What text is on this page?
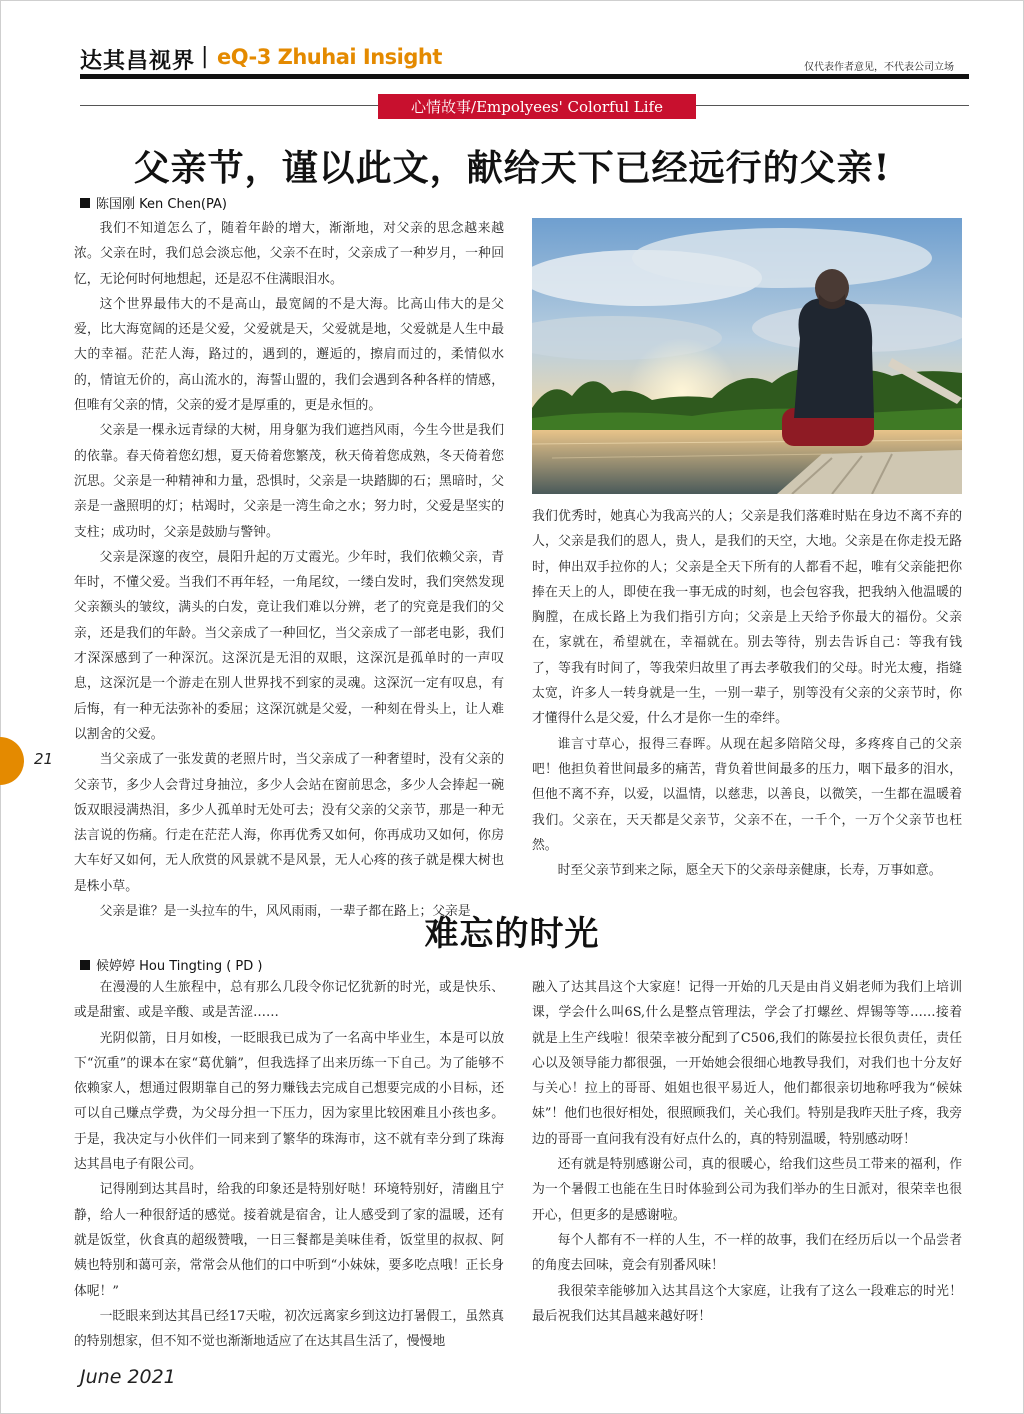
达其昌视界 | eQ-3 Zhuhai Insight	仅代表作者意见，不代表公司立场
心情故事/Empolyees' Colorful Life
父亲节，谨以此文，献给天下已经远行的父亲!
陈国刚 Ken Chen(PA)

我们不知道怎么了，随着年龄的增大，渐渐地，对父亲的思念越来越浓。父亲在时，我们总会淡忘他，父亲不在时，父亲成了一种岁月，一种回忆，无论何时何地想起，还是忍不住满眼泪水。

这个世界最伟大的不是高山，最宽阔的不是大海。比高山伟大的是父爱，比大海宽阔的还是父爱，父爱就是天，父爱就是地，父爱就是人生中最大的幸福。茫茫人海，路过的，遇到的，邂逅的，擦肩而过的，柔情似水的，情谊无价的，高山流水的，海誓山盟的，我们会遇到各种各样的情感，但唯有父亲的情，父亲的爱才是厚重的，更是永恒的。

父亲是一棵永远青绿的大树，用身躯为我们遮挡风雨，今生今世是我们的依靠。春天倚着您幻想，夏天倚着您繁茂，秋天倚着您成熟，冬天倚着您沉思。父亲是一种精神和力量，恐惧时，父亲是一块踏脚的石；黑暗时，父亲是一盏照明的灯；枯竭时，父亲是一湾生命之水；努力时，父爱是坚实的支柱；成功时，父亲是鼓励与警钟。

父亲是深邃的夜空，晨阳升起的万丈霞光。少年时，我们依赖父亲，青年时，不懂父爱。当我们不再年轻，一角尾纹，一缕白发时，我们突然发现父亲额头的皱纹，满头的白发，竟让我们难以分辨，老了的究竟是我们的父亲，还是我们的年龄。当父亲成了一种回忆，当父亲成了一部老电影，我们才深深感到了一种深沉。这深沉是无泪的双眼，这深沉是孤单时的一声叹息，这深沉是一个游走在别人世界找不到家的灵魂。这深沉一定有叹息，有后悔，有一种无法弥补的委屈；这深沉就是父爱，一种刻在骨头上，让人难以割舍的父爱。

当父亲成了一张发黄的老照片时，当父亲成了一种奢望时，没有父亲的父亲节，多少人会背过身抽泣，多少人会站在窗前思念，多少人会捧起一碗饭双眼浸满热泪，多少人孤单时无处可去；没有父亲的父亲节，那是一种无法言说的伤痛。行走在茫茫人海，你再优秀又如何，你再成功又如何，你房大车好又如何，无人欣赏的风景就不是风景，无人心疼的孩子就是棵大树也是株小草。

父亲是谁？是一头拉车的牛，风风雨雨，一辈子都在路上；父亲是

我们优秀时，她真心为我高兴的人；父亲是我们落难时贴在身边不离不弃的人，父亲是我们的恩人，贵人，是我们的天空，大地。父亲是在你走投无路时，伸出双手拉你的人；父亲是全天下所有的人都看不起，唯有父亲能把你捧在天上的人，即使在我一事无成的时刻，也会包容我，把我纳入他温暖的胸膛，在成长路上为我们指引方向；父亲是上天给予你最大的福份。父亲在，家就在，希望就在，幸福就在。别去等待，别去告诉自己：等我有钱了，等我有时间了，等我荣归故里了再去孝敬我们的父母。时光太瘦，指缝太宽，许多人一转身就是一生，一别一辈子，别等没有父亲的父亲节时，你才懂得什么是父爱，什么才是你一生的牵绊。

谁言寸草心，报得三春晖。从现在起多陪陪父母，多疼疼自己的父亲吧！他担负着世间最多的痛苦，背负着世间最多的压力，咽下最多的泪水，但他不离不弃，以爱，以温情，以慈悲，以善良，以微笑，一生都在温暖着我们。父亲在，天天都是父亲节，父亲不在，一千个，一万个父亲节也枉然。

时至父亲节到来之际，愿全天下的父亲母亲健康，长寿，万事如意。

难忘的时光
候婷婷 Hou Tingting ( PD )

在漫漫的人生旅程中，总有那么几段令你记忆犹新的时光，或是快乐、或是甜蜜、或是辛酸、或是苦涩……

光阴似箭，日月如梭，一眨眼我已成为了一名高中毕业生，本是可以放下“沉重”的课本在家“葛优躺”，但我选择了出来历练一下自己。为了能够不依赖家人，想通过假期靠自己的努力赚钱去完成自己想要完成的小目标，还可以自己赚点学费，为父母分担一下压力，因为家里比较困难且小孩也多。于是，我决定与小伙伴们一同来到了繁华的珠海市，这不就有幸分到了珠海达其昌电子有限公司。

记得刚到达其昌时，给我的印象还是特别好哒！环境特别好，清幽且宁静，给人一种很舒适的感觉。接着就是宿舍，让人感受到了家的温暖，还有就是饭堂，伙食真的超级赞哦，一日三餐都是美味佳肴，饭堂里的叔叔、阿姨也特别和蔼可亲，常常会从他们的口中听到“小妹妹，要多吃点哦！正长身体呢！”

一眨眼来到达其昌已经17天啦，初次远离家乡到这边打暑假工，虽然真的特别想家，但不知不觉也渐渐地适应了在达其昌生活了，慢慢地

融入了达其昌这个大家庭！记得一开始的几天是由肖义娟老师为我们上培训课，学会什么叫6S,什么是整点管理法，学会了打螺丝、焊锡等等……接着就是上生产线啦！很荣幸被分配到了C506,我们的陈晏拉长很负责任，责任心以及领导能力都很强，一开始她会很细心地教导我们，对我们也十分友好与关心！拉上的哥哥、姐姐也很平易近人，他们都很亲切地称呼我为“候妹妹”！他们也很好相处，很照顾我们，关心我们。特别是我昨天肚子疼，我旁边的哥哥一直问我有没有好点什么的，真的特别温暖，特别感动呀！

还有就是特别感谢公司，真的很暖心，给我们这些员工带来的福利，作为一个暑假工也能在生日时体验到公司为我们举办的生日派对，很荣幸也很开心，但更多的是感谢啦。

每个人都有不一样的人生，不一样的故事，我们在经历后以一个品尝者的角度去回味，竟会有别番风味！

我很荣幸能够加入达其昌这个大家庭，让我有了这么一段难忘的时光！最后祝我们达其昌越来越好呀！

21
June 2021
